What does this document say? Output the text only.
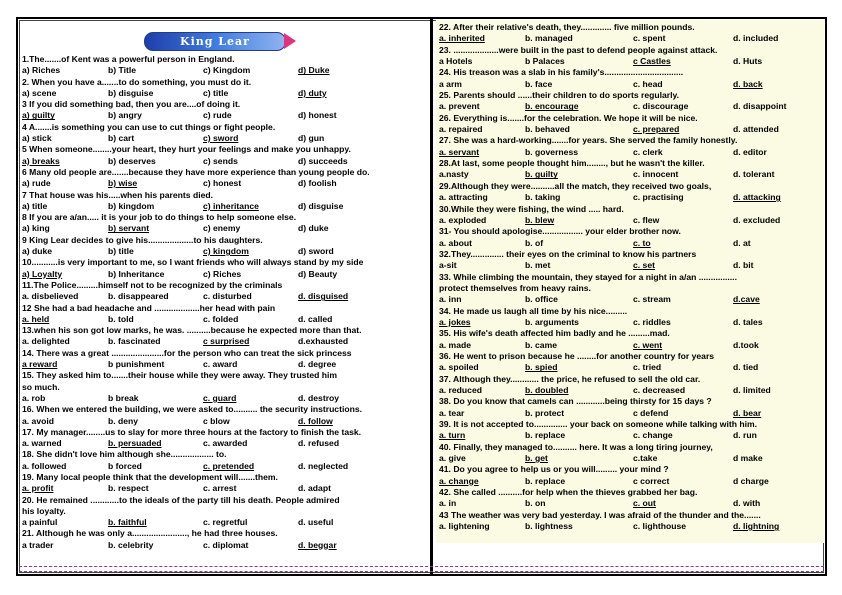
King Lear
1.The.......of Kent was a powerful person in England.
a) Riches	b) Title	c) Kingdom	d) Duke
2. When you have a.......to do something, you must do it.
a) scene	b) disguise	c) title	d) duty
3 If you did something bad, then you are....of doing it.
a) guilty	b) angry	c) rude	d) honest
4 A.......is something you can use to cut things or fight people.
a) stick	b) cart	c) sword	d) gun
5 When someone........your heart, they hurt your feelings and make you unhappy.
a) breaks	b) deserves	c) sends	d) succeeds
6 Many old people are.......because they have more experience than young people do.
a) rude	b) wise	c) honest	d) foolish
7 That house was his.....when his parents died.
a) title	b) kingdom	c) inheritance	d) disguise
8 If you are a/an..... it is your job to do things to help someone else.
a) king	b) servant	c) enemy	d) duke
9 King Lear decides to give his...................to his daughters.
a) duke	b) title	c) kingdom	d) sword
10...........is very important to me, so I want friends who will always stand by my side
a) Loyalty	b) Inheritance	c) Riches	d) Beauty
11.The Police.........himself not to be recognized by the criminals
a. disbelieved	b. disappeared	c. disturbed	d. disguised
12 She had a bad headache and ...................her head with pain
a. held	b. told	c. folded	d. called
13.when his son got low marks, he was. ..........because he expected more than that.
a. delighted	b. fascinated	c surprised	d.exhausted
14. There was a great ......................for the person who can treat the sick princess
a reward	b punishment	c. award	d. degree
15. They asked him to.......their house while they were away. They trusted him
so much.
a. rob	b break	c. guard	d. destroy
16. When we entered the building, we were asked to.......... the security instructions.
a. avoid	b. deny	c blow	d. follow
17. My manager........us to slay for more three hours at the factory to finish the task.
a. warned	b. persuaded	c. awarded	d. refused
18. She didn't love him although she.................. to.
a. followed	b forced	c. pretended	d. neglected
19. Many local people think that the development will.......them.
a. profit	b. respect	c. arrest	d. adapt
20. He remained ............to the ideals of the party till his death. People admired
his loyalty.
a painful	b. faithful	c. regretful	d. useful
21. Although he was only a......................., he had three houses.
a trader	b. celebrity	c. diplomat	d. beggar
22. After their relative's death, they............. five million pounds.
a. inherited	b. managed	c. spent	d. included
23. ...................were built in the past to defend people against attack.
a Hotels	b Palaces	c Castles	d. Huts
24. His treason was a slab in his family's.................................
a arm	b. face	c. head	d. back
25. Parents should ......their children to do sports regularly.
a. prevent	b. encourage	c. discourage	d. disappoint
26. Everything is.......for the celebration. We hope it will be nice.
a. repaired	b. behaved	c. prepared	d. attended
27. She was a hard-working.......for years. She served the family honestly.
a. servant	b. governess	c. clerk	d. editor
28.At last, some people thought him........, but he wasn't the killer.
a.nasty	b. guilty	c. innocent	d. tolerant
29.Although they were..........all the match, they received two goals,
a. attracting	b. taking	c. practising	d. attacking
30.While they were fishing, the wind ..... hard.
a. exploded	b. blew	c. flew	d. excluded
31- You should apologise................. your elder brother now.
a. about	b. of	c. to	d. at
32.They.............. their eyes on the criminal to know his partners
a-sit	b. met	c. set	d. bit
33. While climbing the mountain, they stayed for a night in a/an ................
protect themselves from heavy rains.
a. inn	b. office	c. stream	d.cave
34. He made us laugh all time by his nice.........
a. jokes	b. arguments	c. riddles	d. tales
35. His wife's death affected him badly and he .........mad.
a. made	b. came	c. went	d.took
36. He went to prison because he ........for another country for years
a. spoiled	b. spied	c. tried	d. tied
37. Although they............ the price, he refused to sell the old car.
a. reduced	b. doubled	c. decreased	d. limited
38. Do you know that camels can ............being thirsty for 15 days ?
a. tear	b. protect	c defend	d. bear
39. It is not accepted to.............. your back on someone while talking with him.
a. turn	b. replace	c. change	d. run
40. Finally, they managed to.......... here. It was a long tiring journey,
a. give	b. get	c.take	d make
41. Do you agree to help us or you will......... your mind ?
a. change	b. replace	c correct	d charge
42. She called ..........for help when the thieves grabbed her bag.
a. in	b. on	c. out	d. with
43 The weather was very bad yesterday. I was afraid of the thunder and the.......
a. lightening	b. lightness	c. lighthouse	d. lightning
